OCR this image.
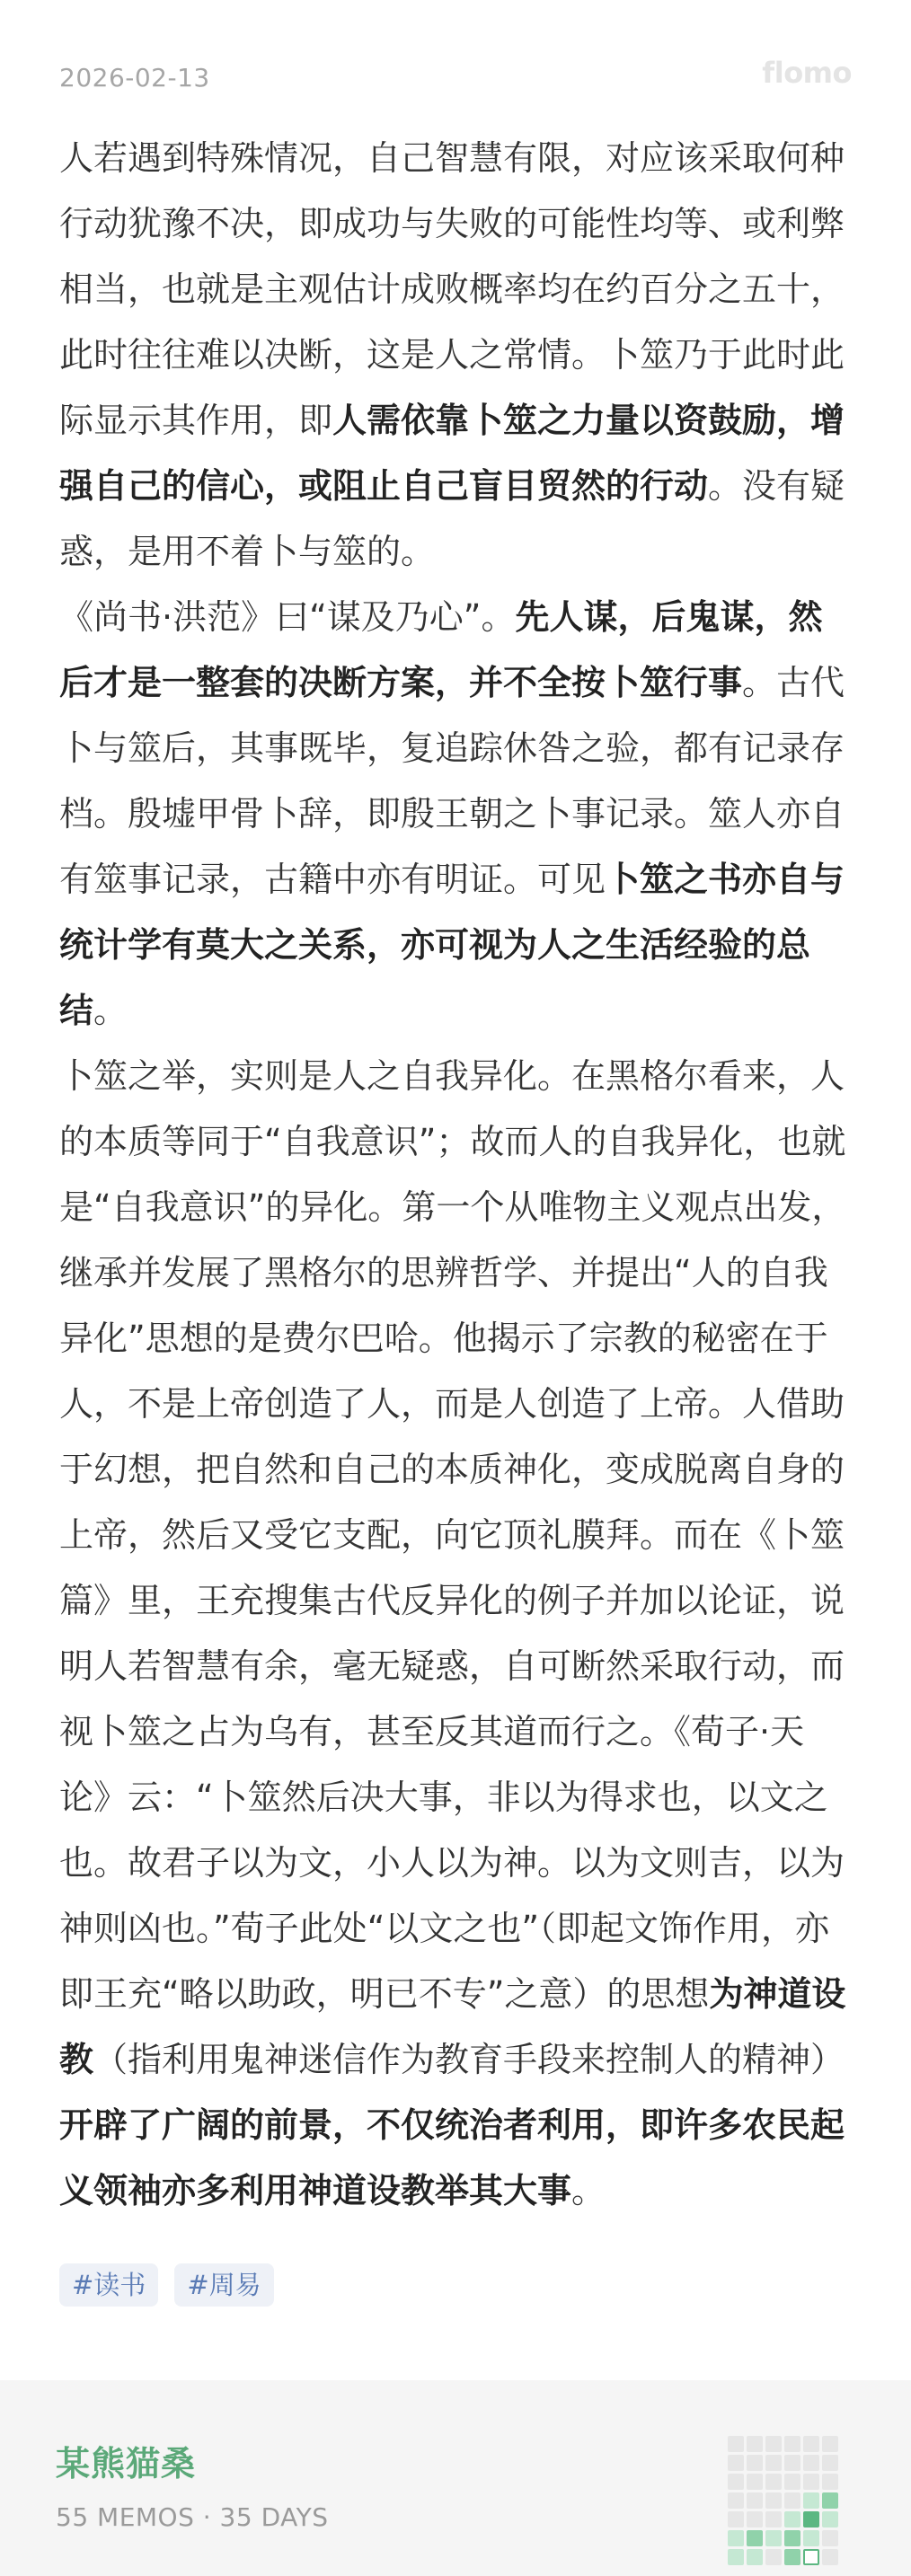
2026-02-13	flomo

人若遇到特殊情况，自己智慧有限，对应该采取何种行动犹豫不决，即成功与失败的可能性均等、或利弊相当，也就是主观估计成败概率均在约百分之五十，此时往往难以决断，这是人之常情。卜筮乃于此时此际显示其作用，即人需依靠卜筮之力量以资鼓励，增强自己的信心，或阻止自己盲目贸然的行动。没有疑惑，是用不着卜与筮的。

《尚书·洪范》曰“谋及乃心”。先人谋，后鬼谋，然后才是一整套的决断方案，并不全按卜筮行事。古代卜与筮后，其事既毕，复追踪休咎之验，都有记录存档。殷墟甲骨卜辞，即殷王朝之卜事记录。筮人亦自有筮事记录，古籍中亦有明证。可见卜筮之书亦自与统计学有莫大之关系，亦可视为人之生活经验的总结。

卜筮之举，实则是人之自我异化。在黑格尔看来，人的本质等同于“自我意识”；故而人的自我异化，也就是“自我意识”的异化。第一个从唯物主义观点出发，继承并发展了黑格尔的思辨哲学、并提出“人的自我异化”思想的是费尔巴哈。他揭示了宗教的秘密在于人，不是上帝创造了人，而是人创造了上帝。人借助于幻想，把自然和自己的本质神化，变成脱离自身的上帝，然后又受它支配，向它顶礼膜拜。而在《卜筮篇》里，王充搜集古代反异化的例子并加以论证，说明人若智慧有余，毫无疑惑，自可断然采取行动，而视卜筮之占为乌有，甚至反其道而行之。《荀子·天论》云：“卜筮然后决大事，非以为得求也，以文之也。故君子以为文，小人以为神。以为文则吉，以为神则凶也。”荀子此处“以文之也”（即起文饰作用，亦即王充“略以助政，明已不专”之意）的思想为神道设教（指利用鬼神迷信作为教育手段来控制人的精神）开辟了广阔的前景，不仅统治者利用，即许多农民起义领袖亦多利用神道设教举其大事。

#读书	#周易
某熊猫桑
55 MEMOS · 35 DAYS
